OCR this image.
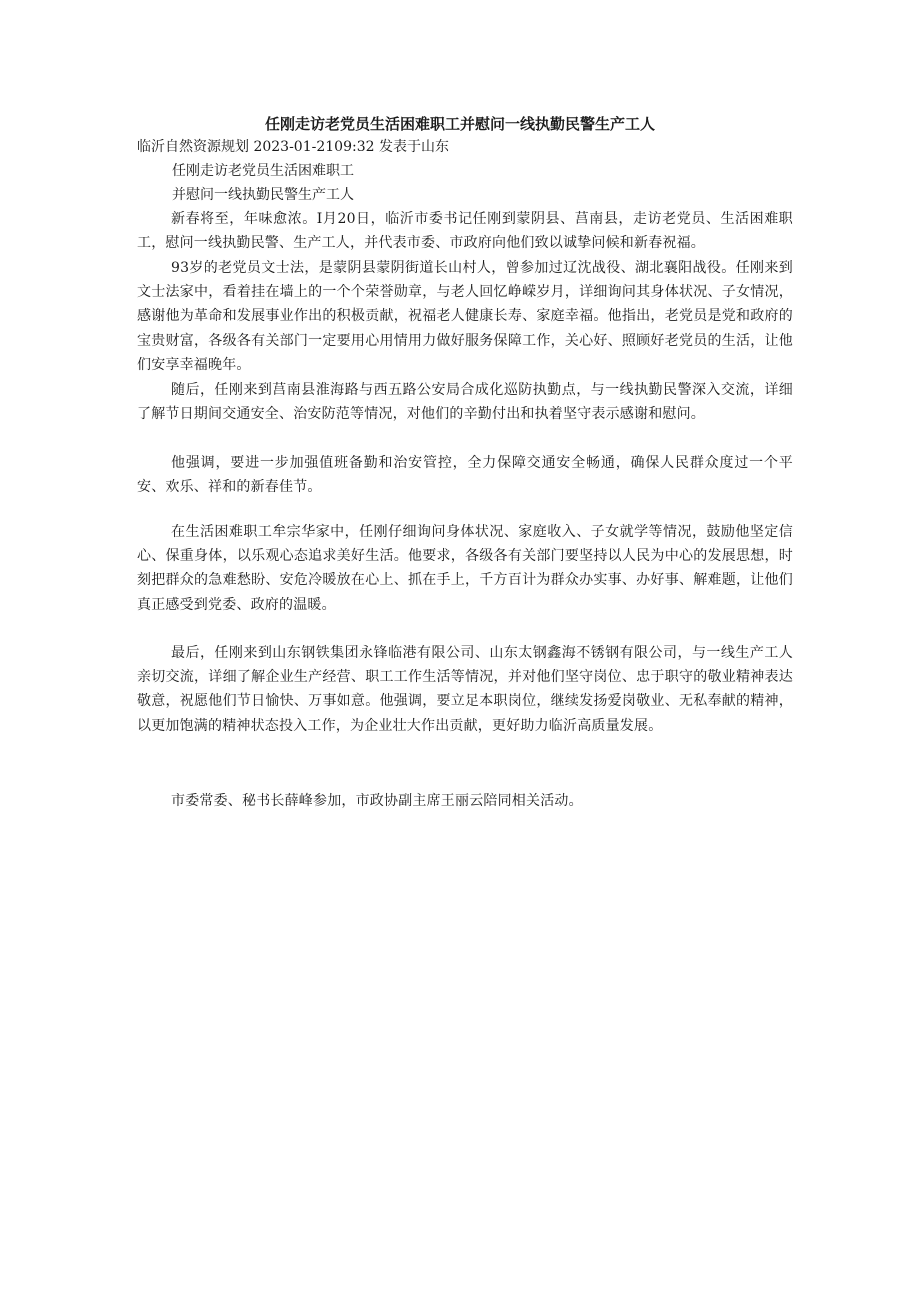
任刚走访老党员生活困难职工并慰问一线执勤民警生产工人

临沂自然资源规划 2023-01-2109:32 发表于山东

任刚走访老党员生活困难职工

并慰问一线执勤民警生产工人

新春将至，年味愈浓。I月20日，临沂市委书记任刚到蒙阴县、莒南县，走访老党员、生活困难职工，慰问一线执勤民警、生产工人，并代表市委、市政府向他们致以诚挚问候和新春祝福。

93岁的老党员文士法，是蒙阴县蒙阴街道长山村人，曾参加过辽沈战役、湖北襄阳战役。任刚来到文士法家中，看着挂在墙上的一个个荣誉勋章，与老人回忆峥嵘岁月，详细询问其身体状况、子女情况，感谢他为革命和发展事业作出的积极贡献，祝福老人健康长寿、家庭幸福。他指出，老党员是党和政府的宝贵财富，各级各有关部门一定要用心用情用力做好服务保障工作，关心好、照顾好老党员的生活，让他们安享幸福晚年。

随后，任刚来到莒南县淮海路与西五路公安局合成化巡防执勤点，与一线执勤民警深入交流，详细了解节日期间交通安全、治安防范等情况，对他们的辛勤付出和执着坚守表示感谢和慰问。

他强调，要进一步加强值班备勤和治安管控，全力保障交通安全畅通，确保人民群众度过一个平安、欢乐、祥和的新春佳节。

在生活困难职工牟宗华家中，任刚仔细询问身体状况、家庭收入、子女就学等情况，鼓励他坚定信心、保重身体，以乐观心态追求美好生活。他要求，各级各有关部门要坚持以人民为中心的发展思想，时刻把群众的急难愁盼、安危冷暖放在心上、抓在手上，千方百计为群众办实事、办好事、解难题，让他们真正感受到党委、政府的温暖。

最后，任刚来到山东钢铁集团永锋临港有限公司、山东太钢鑫海不锈钢有限公司，与一线生产工人亲切交流，详细了解企业生产经营、职工工作生活等情况，并对他们坚守岗位、忠于职守的敬业精神表达敬意，祝愿他们节日愉快、万事如意。他强调，要立足本职岗位，继续发扬爱岗敬业、无私奉献的精神，以更加饱满的精神状态投入工作，为企业壮大作出贡献，更好助力临沂高质量发展。

市委常委、秘书长薛峰参加，市政协副主席王丽云陪同相关活动。
